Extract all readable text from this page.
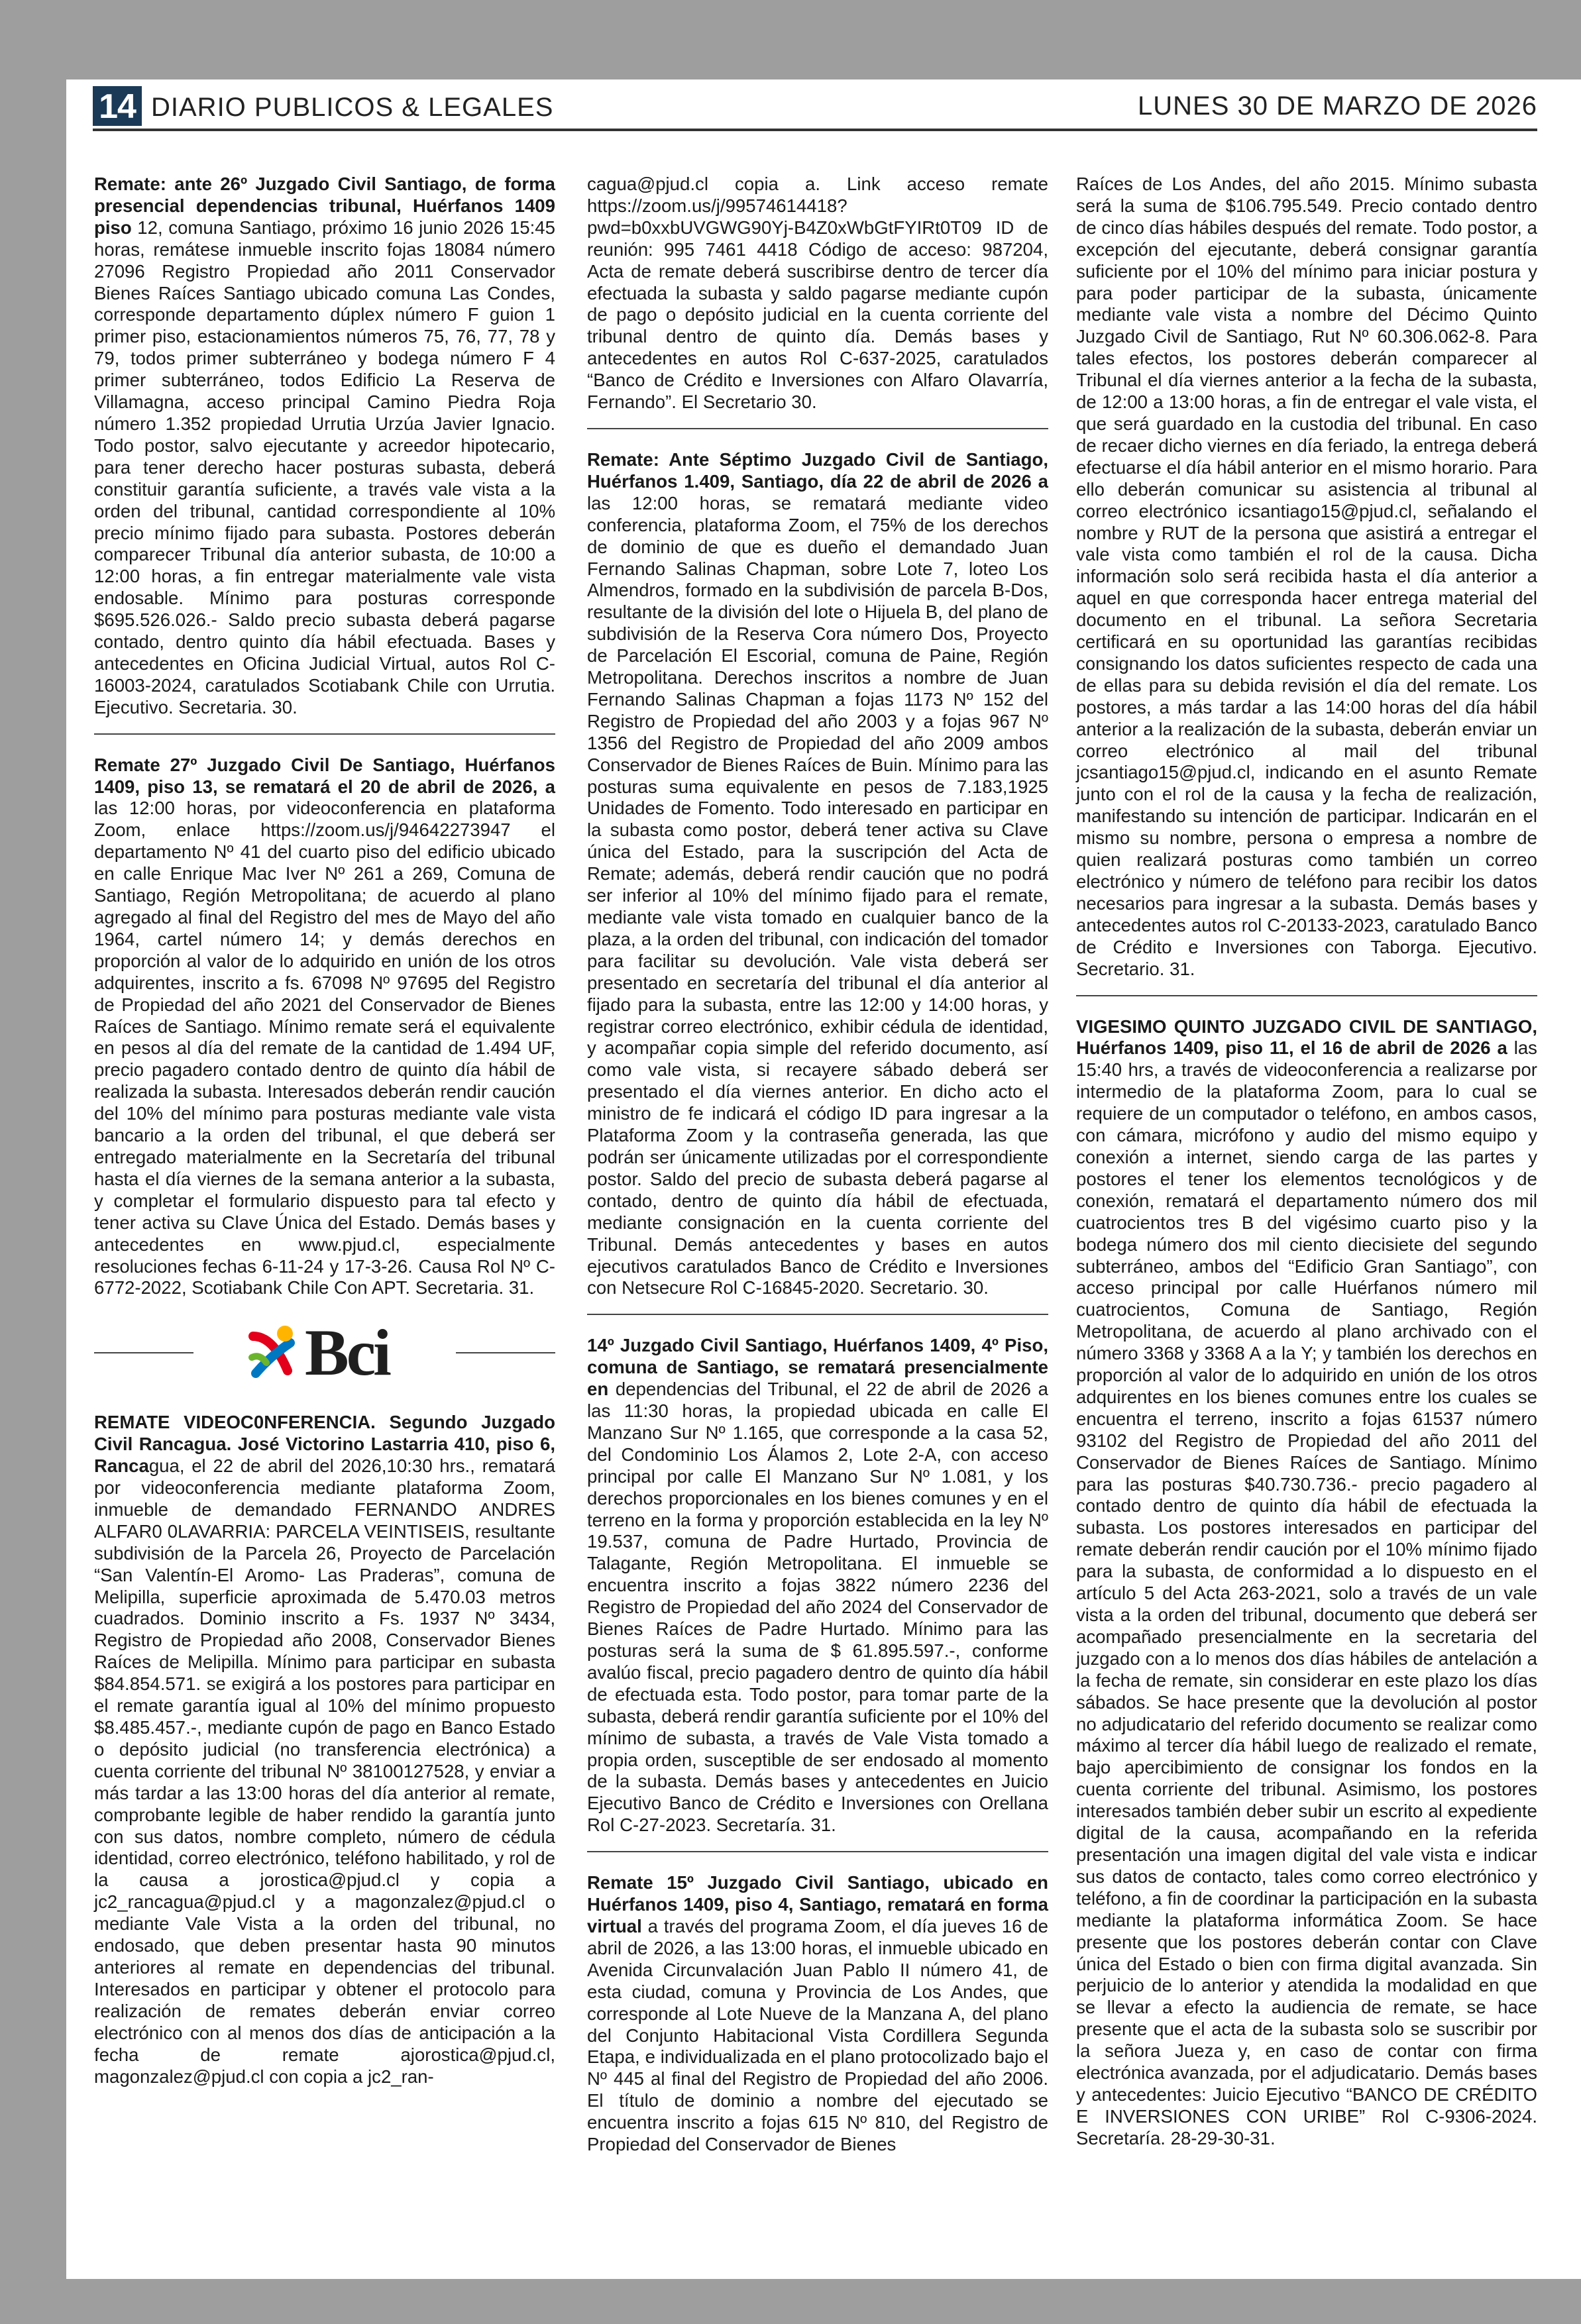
14 DIARIO PUBLICOS & LEGALES	LUNES 30 DE MARZO DE 2026

Remate: ante 26º Juzgado Civil Santiago, de forma presencial dependencias tribunal, Huérfanos 1409 piso 12, comuna Santiago, próximo 16 junio 2026 15:45 horas, remátese inmueble inscrito fojas 18084 número 27096 Registro Propiedad año 2011 Conservador Bienes Raíces Santiago ubicado comuna Las Condes, corresponde departamento dúplex número F guion 1 primer piso, estacionamientos números 75, 76, 77, 78 y 79, todos primer subterráneo y bodega número F 4 primer subterráneo, todos Edificio La Reserva de Villamagna, acceso principal Camino Piedra Roja número 1.352 propiedad Urrutia Urzúa Javier Ignacio. Todo postor, salvo ejecutante y acreedor hipotecario, para tener derecho hacer posturas subasta, deberá constituir garantía suficiente, a través vale vista a la orden del tribunal, cantidad correspondiente al 10% precio mínimo fijado para subasta. Postores deberán comparecer Tribunal día anterior subasta, de 10:00 a 12:00 horas, a fin entregar materialmente vale vista endosable. Mínimo para posturas corresponde $695.526.026.- Saldo precio subasta deberá pagarse contado, dentro quinto día hábil efectuada. Bases y antecedentes en Oficina Judicial Virtual, autos Rol C-16003-2024, caratulados Scotiabank Chile con Urrutia. Ejecutivo. Secretaria. 30.

Remate 27º Juzgado Civil De Santiago, Huérfanos 1409, piso 13, se rematará el 20 de abril de 2026, a las 12:00 horas, por videoconferencia en plataforma Zoom, enlace https://zoom.us/j/94642273947 el departamento Nº 41 del cuarto piso del edificio ubicado en calle Enrique Mac Iver Nº 261 a 269, Comuna de Santiago, Región Metropolitana; de acuerdo al plano agregado al final del Registro del mes de Mayo del año 1964, cartel número 14; y demás derechos en proporción al valor de lo adquirido en unión de los otros adquirentes, inscrito a fs. 67098 Nº 97695 del Registro de Propiedad del año 2021 del Conservador de Bienes Raíces de Santiago. Mínimo remate será el equivalente en pesos al día del remate de la cantidad de 1.494 UF, precio pagadero contado dentro de quinto día hábil de realizada la subasta. Interesados deberán rendir caución del 10% del mínimo para posturas mediante vale vista bancario a la orden del tribunal, el que deberá ser entregado materialmente en la Secretaría del tribunal hasta el día viernes de la semana anterior a la subasta, y completar el formulario dispuesto para tal efecto y tener activa su Clave Única del Estado. Demás bases y antecedentes en www.pjud.cl, especialmente resoluciones fechas 6-11-24 y 17-3-26. Causa Rol Nº C-6772-2022, Scotiabank Chile Con APT. Secretaria. 31.

Bci

REMATE VIDEOC0NFERENCIA. Segundo Juzgado Civil Rancagua. José Victorino Lastarria 410, piso 6, Rancagua, el 22 de abril del 2026,10:30 hrs., rematará por videoconferencia mediante plataforma Zoom, inmueble de demandado FERNANDO ANDRES ALFAR0 0LAVARRIA: PARCELA VEINTISEIS, resultante subdivisión de la Parcela 26, Proyecto de Parcelación “San Valentín-El Aromo- Las Praderas”, comuna de Melipilla, superficie aproximada de 5.470.03 metros cuadrados. Dominio inscrito a Fs. 1937 Nº 3434, Registro de Propiedad año 2008, Conservador Bienes Raíces de Melipilla. Mínimo para participar en subasta $84.854.571. se exigirá a los postores para participar en el remate garantía igual al 10% del mínimo propuesto $8.485.457.-, mediante cupón de pago en Banco Estado o depósito judicial (no transferencia electrónica) a cuenta corriente del tribunal Nº 38100127528, y enviar a más tardar a las 13:00 horas del día anterior al remate, comprobante legible de haber rendido la garantía junto con sus datos, nombre completo, número de cédula identidad, correo electrónico, teléfono habilitado, y rol de la causa a jorostica@pjud.cl y copia a jc2_rancagua@pjud.cl y a magonzalez@pjud.cl o mediante Vale Vista a la orden del tribunal, no endosado, que deben presentar hasta 90 minutos anteriores al remate en dependencias del tribunal. Interesados en participar y obtener el protocolo para realización de remates deberán enviar correo electrónico con al menos dos días de anticipación a la fecha de remate ajorostica@pjud.cl, magonzalez@pjud.cl con copia a jc2_ran-

cagua@pjud.cl copia a. Link acceso remate https://zoom.us/j/99574614418?pwd=b0xxbUVGWG90Yj-B4Z0xWbGtFYIRt0T09 ID de reunión: 995 7461 4418 Código de acceso: 987204, Acta de remate deberá suscribirse dentro de tercer día efectuada la subasta y saldo pagarse mediante cupón de pago o depósito judicial en la cuenta corriente del tribunal dentro de quinto día. Demás bases y antecedentes en autos Rol C-637-2025, caratulados “Banco de Crédito e Inversiones con Alfaro Olavarría, Fernando”. El Secretario 30.

Remate: Ante Séptimo Juzgado Civil de Santiago, Huérfanos 1.409, Santiago, día 22 de abril de 2026 a las 12:00 horas, se rematará mediante video conferencia, plataforma Zoom, el 75% de los derechos de dominio de que es dueño el demandado Juan Fernando Salinas Chapman, sobre Lote 7, loteo Los Almendros, formado en la subdivisión de parcela B-Dos, resultante de la división del lote o Hijuela B, del plano de subdivisión de la Reserva Cora número Dos, Proyecto de Parcelación El Escorial, comuna de Paine, Región Metropolitana. Derechos inscritos a nombre de Juan Fernando Salinas Chapman a fojas 1173 Nº 152 del Registro de Propiedad del año 2003 y a fojas 967 Nº 1356 del Registro de Propiedad del año 2009 ambos Conservador de Bienes Raíces de Buin. Mínimo para las posturas suma equivalente en pesos de 7.183,1925 Unidades de Fomento. Todo interesado en participar en la subasta como postor, deberá tener activa su Clave única del Estado, para la suscripción del Acta de Remate; además, deberá rendir caución que no podrá ser inferior al 10% del mínimo fijado para el remate, mediante vale vista tomado en cualquier banco de la plaza, a la orden del tribunal, con indicación del tomador para facilitar su devolución. Vale vista deberá ser presentado en secretaría del tribunal el día anterior al fijado para la subasta, entre las 12:00 y 14:00 horas, y registrar correo electrónico, exhibir cédula de identidad, y acompañar copia simple del referido documento, así como vale vista, si recayere sábado deberá ser presentado el día viernes anterior. En dicho acto el ministro de fe indicará el código ID para ingresar a la Plataforma Zoom y la contraseña generada, las que podrán ser únicamente utilizadas por el correspondiente postor. Saldo del precio de subasta deberá pagarse al contado, dentro de quinto día hábil de efectuada, mediante consignación en la cuenta corriente del Tribunal. Demás antecedentes y bases en autos ejecutivos caratulados Banco de Crédito e Inversiones con Netsecure Rol C-16845-2020. Secretario. 30.

14º Juzgado Civil Santiago, Huérfanos 1409, 4º Piso, comuna de Santiago, se rematará presencialmente en dependencias del Tribunal, el 22 de abril de 2026 a las 11:30 horas, la propiedad ubicada en calle El Manzano Sur Nº 1.165, que corresponde a la casa 52, del Condominio Los Álamos 2, Lote 2-A, con acceso principal por calle El Manzano Sur Nº 1.081, y los derechos proporcionales en los bienes comunes y en el terreno en la forma y proporción establecida en la ley Nº 19.537, comuna de Padre Hurtado, Provincia de Talagante, Región Metropolitana. El inmueble se encuentra inscrito a fojas 3822 número 2236 del Registro de Propiedad del año 2024 del Conservador de Bienes Raíces de Padre Hurtado. Mínimo para las posturas será la suma de $ 61.895.597.-, conforme avalúo fiscal, precio pagadero dentro de quinto día hábil de efectuada esta. Todo postor, para tomar parte de la subasta, deberá rendir garantía suficiente por el 10% del mínimo de subasta, a través de Vale Vista tomado a propia orden, susceptible de ser endosado al momento de la subasta. Demás bases y antecedentes en Juicio Ejecutivo Banco de Crédito e Inversiones con Orellana Rol C-27-2023. Secretaría. 31.

Remate 15º Juzgado Civil Santiago, ubicado en Huérfanos 1409, piso 4, Santiago, rematará en forma virtual a través del programa Zoom, el día jueves 16 de abril de 2026, a las 13:00 horas, el inmueble ubicado en Avenida Circunvalación Juan Pablo II número 41, de esta ciudad, comuna y Provincia de Los Andes, que corresponde al Lote Nueve de la Manzana A, del plano del Conjunto Habitacional Vista Cordillera Segunda Etapa, e individualizada en el plano protocolizado bajo el Nº 445 al final del Registro de Propiedad del año 2006. El título de dominio a nombre del ejecutado se encuentra inscrito a fojas 615 Nº 810, del Registro de Propiedad del Conservador de Bienes

Raíces de Los Andes, del año 2015. Mínimo subasta será la suma de $106.795.549. Precio contado dentro de cinco días hábiles después del remate. Todo postor, a excepción del ejecutante, deberá consignar garantía suficiente por el 10% del mínimo para iniciar postura y para poder participar de la subasta, únicamente mediante vale vista a nombre del Décimo Quinto Juzgado Civil de Santiago, Rut Nº 60.306.062-8. Para tales efectos, los postores deberán comparecer al Tribunal el día viernes anterior a la fecha de la subasta, de 12:00 a 13:00 horas, a fin de entregar el vale vista, el que será guardado en la custodia del tribunal. En caso de recaer dicho viernes en día feriado, la entrega deberá efectuarse el día hábil anterior en el mismo horario. Para ello deberán comunicar su asistencia al tribunal al correo electrónico icsantiago15@pjud.cl, señalando el nombre y RUT de la persona que asistirá a entregar el vale vista como también el rol de la causa. Dicha información solo será recibida hasta el día anterior a aquel en que corresponda hacer entrega material del documento en el tribunal. La señora Secretaria certificará en su oportunidad las garantías recibidas consignando los datos suficientes respecto de cada una de ellas para su debida revisión el día del remate. Los postores, a más tardar a las 14:00 horas del día hábil anterior a la realización de la subasta, deberán enviar un correo electrónico al mail del tribunal jcsantiago15@pjud.cl, indicando en el asunto Remate junto con el rol de la causa y la fecha de realización, manifestando su intención de participar. Indicarán en el mismo su nombre, persona o empresa a nombre de quien realizará posturas como también un correo electrónico y número de teléfono para recibir los datos necesarios para ingresar a la subasta. Demás bases y antecedentes autos rol C-20133-2023, caratulado Banco de Crédito e Inversiones con Taborga. Ejecutivo. Secretario. 31.

VIGESIMO QUINTO JUZGADO CIVIL DE SANTIAGO, Huérfanos 1409, piso 11, el 16 de abril de 2026 a las 15:40 hrs, a través de videoconferencia a realizarse por intermedio de la plataforma Zoom, para lo cual se requiere de un computador o teléfono, en ambos casos, con cámara, micrófono y audio del mismo equipo y conexión a internet, siendo carga de las partes y postores el tener los elementos tecnológicos y de conexión, rematará el departamento número dos mil cuatrocientos tres B del vigésimo cuarto piso y la bodega número dos mil ciento diecisiete del segundo subterráneo, ambos del “Edificio Gran Santiago”, con acceso principal por calle Huérfanos número mil cuatrocientos, Comuna de Santiago, Región Metropolitana, de acuerdo al plano archivado con el número 3368 y 3368 A a la Y; y también los derechos en proporción al valor de lo adquirido en unión de los otros adquirentes en los bienes comunes entre los cuales se encuentra el terreno, inscrito a fojas 61537 número 93102 del Registro de Propiedad del año 2011 del Conservador de Bienes Raíces de Santiago. Mínimo para las posturas $40.730.736.- precio pagadero al contado dentro de quinto día hábil de efectuada la subasta. Los postores interesados en participar del remate deberán rendir caución por el 10% mínimo fijado para la subasta, de conformidad a lo dispuesto en el artículo 5 del Acta 263-2021, solo a través de un vale vista a la orden del tribunal, documento que deberá ser acompañado presencialmente en la secretaria del juzgado con a lo menos dos días hábiles de antelación a la fecha de remate, sin considerar en este plazo los días sábados. Se hace presente que la devolución al postor no adjudicatario del referido documento se realizar como máximo al tercer día hábil luego de realizado el remate, bajo apercibimiento de consignar los fondos en la cuenta corriente del tribunal. Asimismo, los postores interesados también deber subir un escrito al expediente digital de la causa, acompañando en la referida presentación una imagen digital del vale vista e indicar sus datos de contacto, tales como correo electrónico y teléfono, a fin de coordinar la participación en la subasta mediante la plataforma informática Zoom. Se hace presente que los postores deberán contar con Clave única del Estado o bien con firma digital avanzada. Sin perjuicio de lo anterior y atendida la modalidad en que se llevar a efecto la audiencia de remate, se hace presente que el acta de la subasta solo se suscribir por la señora Jueza y, en caso de contar con firma electrónica avanzada, por el adjudicatario. Demás bases y antecedentes: Juicio Ejecutivo “BANCO DE CRÉDITO E INVERSIONES CON URIBE” Rol C-9306-2024. Secretaría. 28-29-30-31.
